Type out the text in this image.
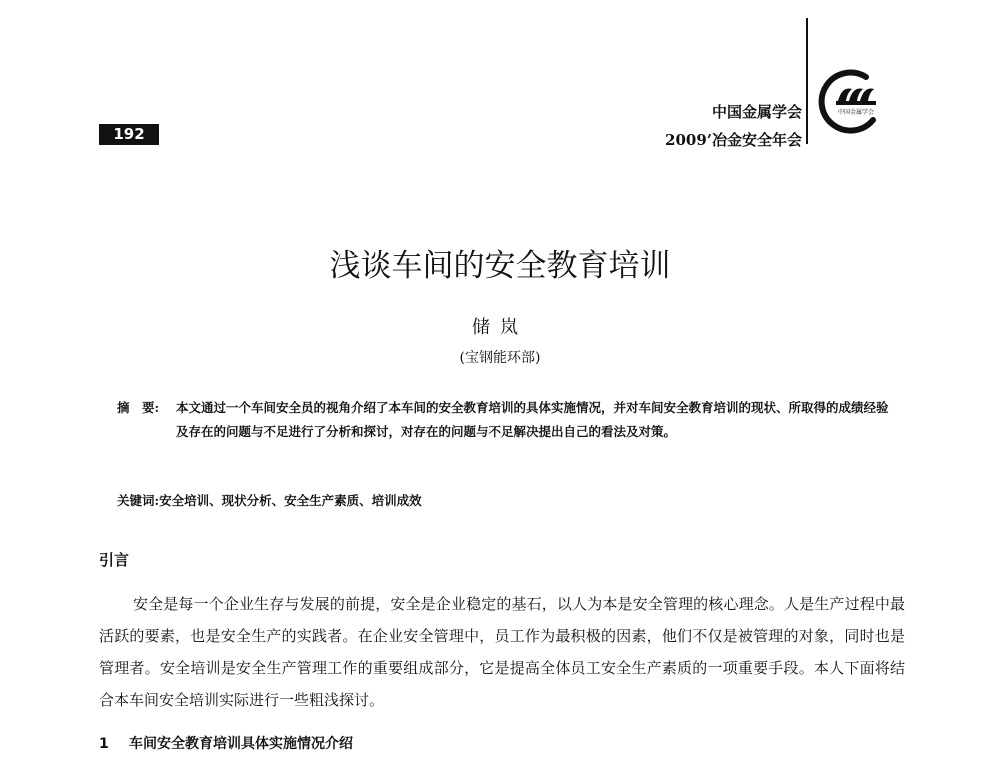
192
中国金属学会
2009’冶金安全年会
中国金属学会
浅谈车间的安全教育培训
储岚
(宝钢能环部)
摘　要: 本文通过一个车间安全员的视角介绍了本车间的安全教育培训的具体实施情况，并对车间安全教育培训的现状、所取得的成绩经验及存在的问题与不足进行了分析和探讨，对存在的问题与不足解决提出自己的看法及对策。
关键词:安全培训、现状分析、安全生产素质、培训成效
引言

安全是每一个企业生存与发展的前提，安全是企业稳定的基石，以人为本是安全管理的核心理念。人是生产过程中最活跃的要素，也是安全生产的实践者。在企业安全管理中，员工作为最积极的因素，他们不仅是被管理的对象，同时也是管理者。安全培训是安全生产管理工作的重要组成部分，它是提高全体员工安全生产素质的一项重要手段。本人下面将结合本车间安全培训实际进行一些粗浅探讨。

1 车间安全教育培训具体实施情况介绍
